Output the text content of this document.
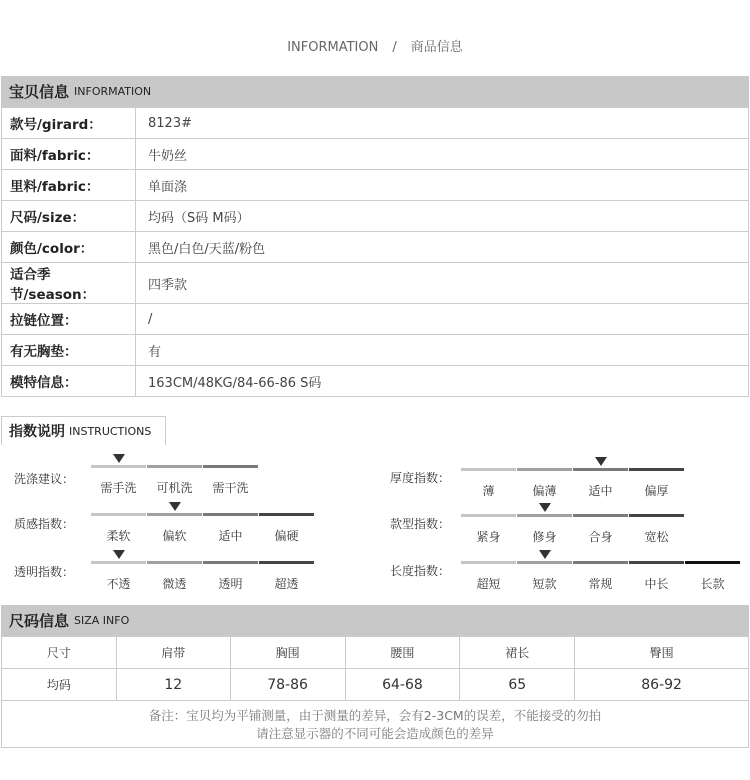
INFORMATION / 商品信息
宝贝信息 INFORMATION
款号/girard：	8123#
面料/fabric：	牛奶丝
里料/fabric：	单面涤
尺码/size：	均码（S码 M码）
颜色/color：	黑色/白色/天蓝/粉色
适合季节/season：	四季款
拉链位置：	/
有无胸垫：	有
模特信息：	163CM/48KG/84-66-86 S码
指数说明 INSTRUCTIONS
洗涤建议：
需手洗	可机洗	需干洗
质感指数：
柔软	偏软	适中	偏硬
透明指数：
不透	微透	透明	超透
厚度指数：
薄	偏薄	适中	偏厚
款型指数：
紧身	修身	合身	宽松
长度指数：
超短	短款	常规	中长	长款
尺码信息 SIZA INFO
尺寸	肩带	胸围	腰围	裙长	臀围
均码	12	78-86	64-68	65	86-92
备注：宝贝均为平铺测量，由于测量的差异，会有2-3CM的误差，不能接受的勿拍
请注意显示器的不同可能会造成颜色的差异
